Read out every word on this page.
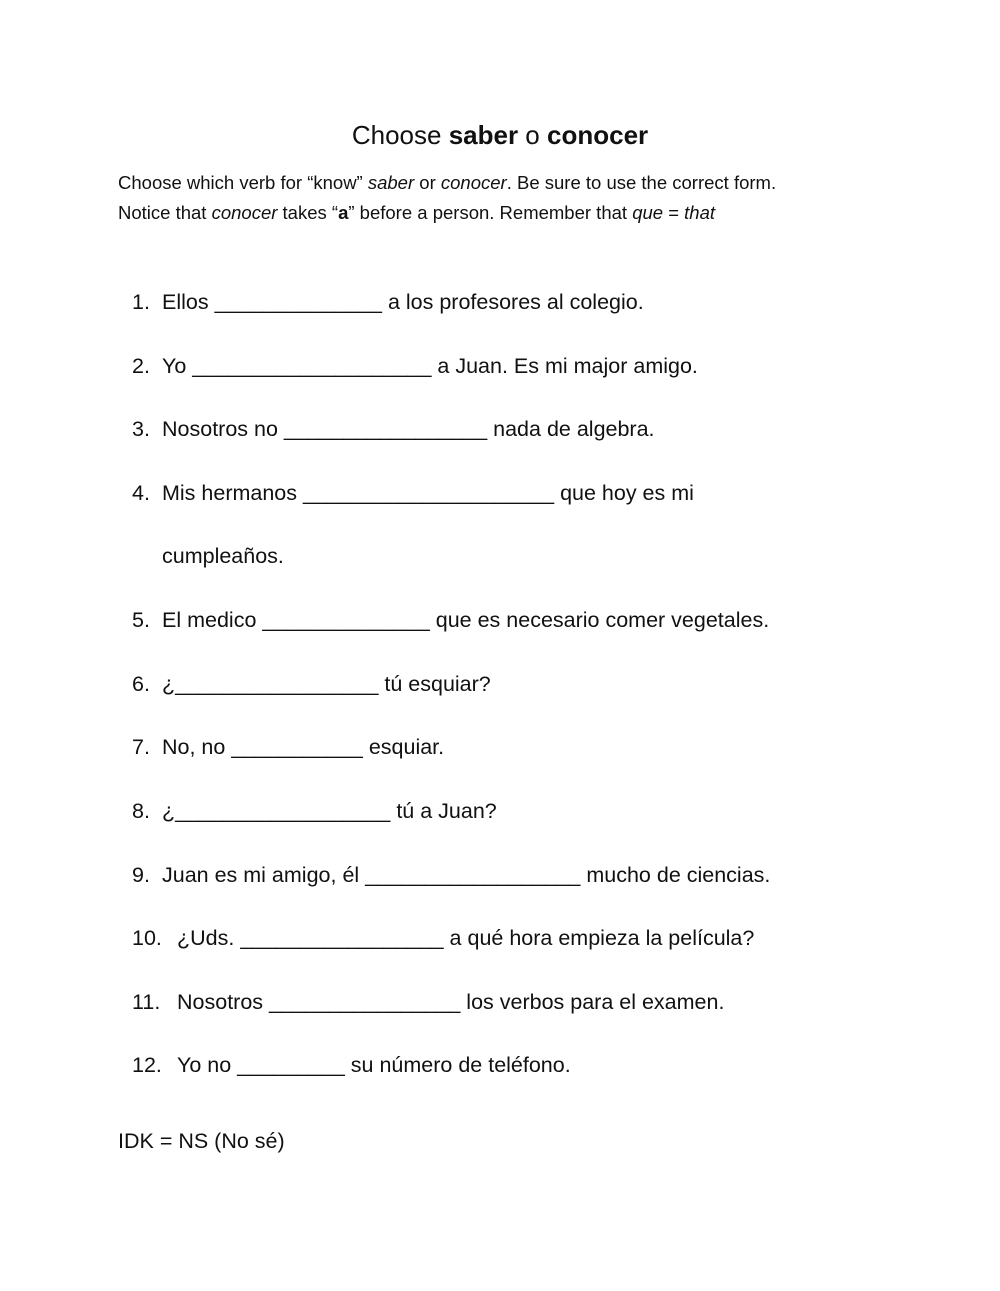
Choose saber o conocer
Choose which verb for “know” saber or conocer. Be sure to use the correct form.
Notice that conocer takes “a” before a person. Remember that que = that
1. Ellos ______________ a los profesores al colegio.
2. Yo ____________________ a Juan. Es mi major amigo.
3. Nosotros no _________________ nada de algebra.
4. Mis hermanos _____________________ que hoy es mi
cumpleaños.
5. El medico ______________ que es necesario comer vegetales.
6. ¿_________________ tú esquiar?
7. No, no ___________ esquiar.
8. ¿__________________ tú a Juan?
9. Juan es mi amigo, él __________________ mucho de ciencias.
10. ¿Uds. _________________ a qué hora empieza la película?
11. Nosotros ________________ los verbos para el examen.
12. Yo no _________ su número de teléfono.
IDK = NS (No sé)
